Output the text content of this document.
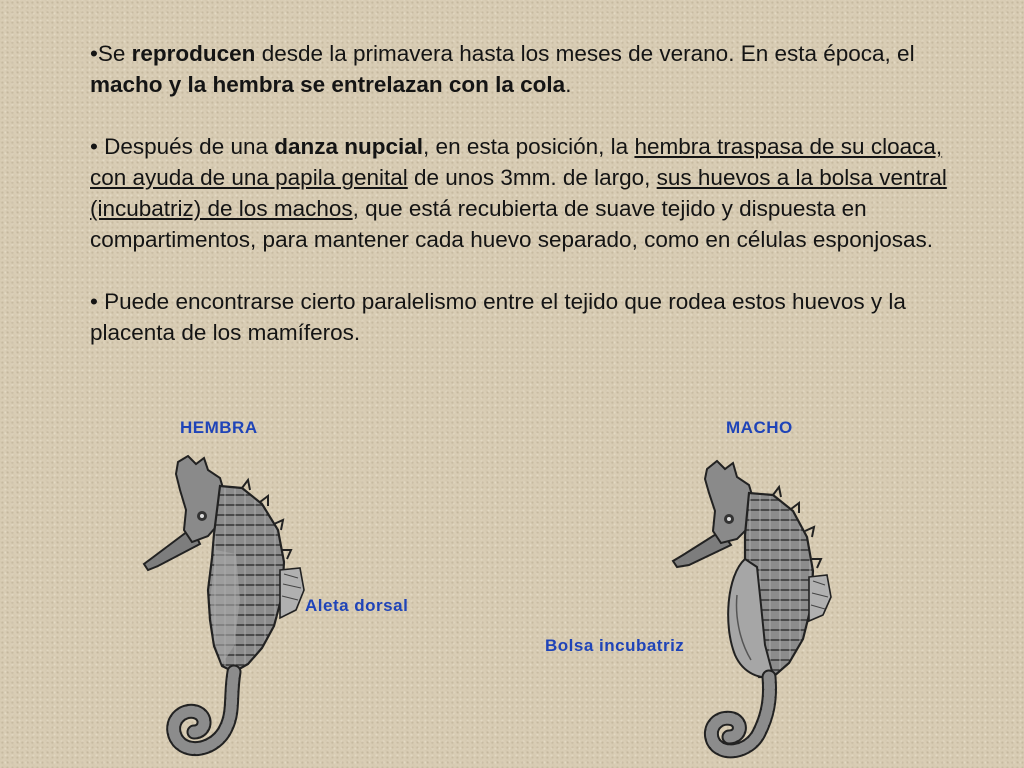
•Se reproducen desde la primavera hasta los meses de verano. En esta época, el macho y la hembra se entrelazan con la cola.

• Después de una danza nupcial, en esta posición, la hembra traspasa de su cloaca, con ayuda de una papila genital de unos 3mm. de largo, sus huevos a la bolsa ventral (incubatriz) de los machos, que está recubierta de suave tejido y dispuesta en compartimentos, para mantener cada huevo separado, como en células esponjosas.

• Puede encontrarse cierto paralelismo entre el tejido que rodea estos huevos y la placenta de los mamíferos.

HEMBRA	MACHO
Aleta dorsal
Bolsa incubatriz
